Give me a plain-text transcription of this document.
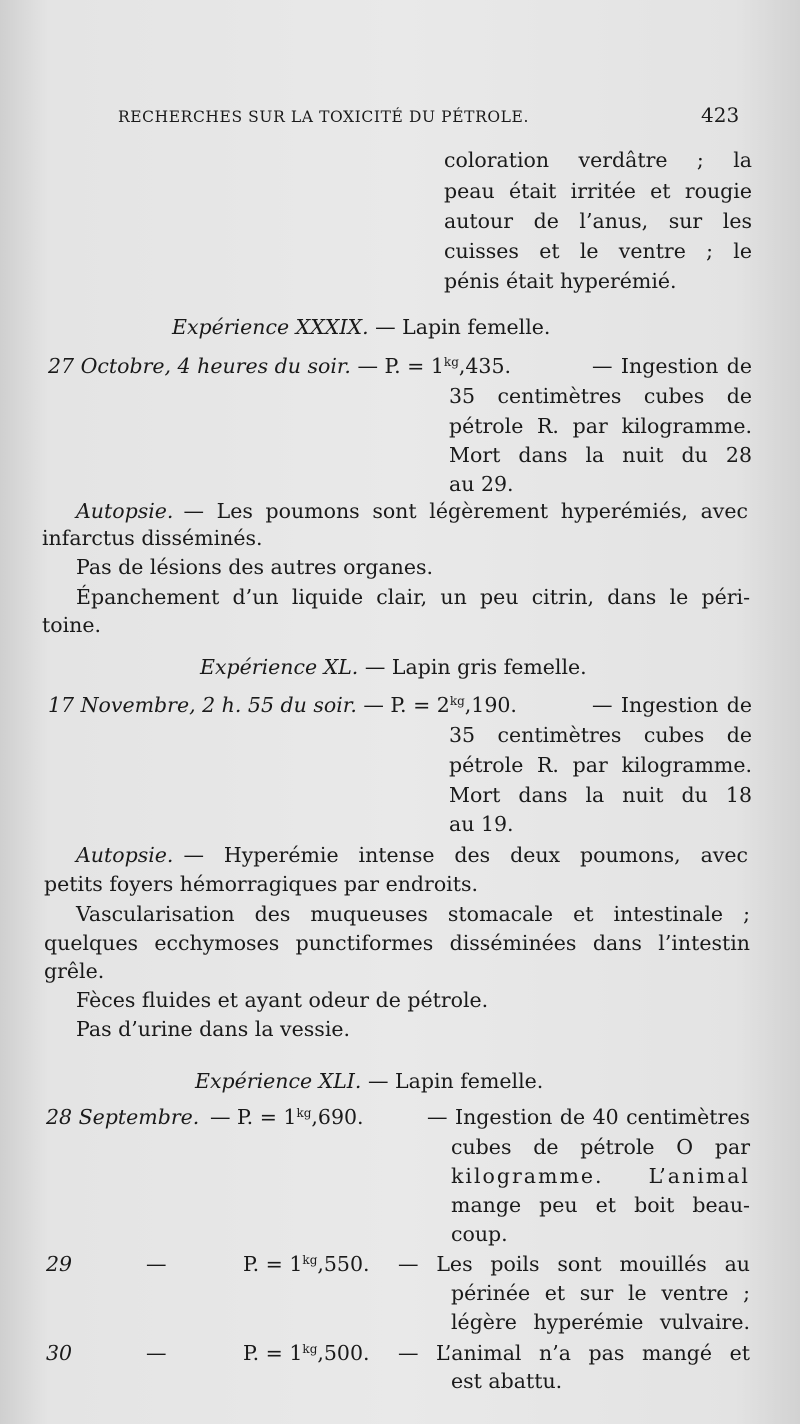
RECHERCHES SUR LA TOXICITÉ DU PÉTROLE.	423
coloration verdâtre ; la
peau était irritée et rougie
autour de l’anus, sur les
cuisses et le ventre ; le
pénis était hyperémié.
Expérience XXXIX. — Lapin femelle.
27 Octobre, 4 heures du soir. — P. = $1^{kg},435$.	— Ingestion de
35 centimètres cubes de
pétrole R. par kilogramme.
Mort dans la nuit du 28
au 29.
Autopsie. — Les poumons sont légèrement hyperémiés, avec
infarctus disséminés.
Pas de lésions des autres organes.
Épanchement d’un liquide clair, un peu citrin, dans le péri-
toine.
Expérience XL. — Lapin gris femelle.
17 Novembre, 2 h. 55 du soir. — P. = $2^{kg},190$.	— Ingestion de
35 centimètres cubes de
pétrole R. par kilogramme.
Mort dans la nuit du 18
au 19.
Autopsie. — Hyperémie intense des deux poumons, avec
petits foyers hémorragiques par endroits.
Vascularisation des muqueuses stomacale et intestinale ;
quelques ecchymoses punctiformes disséminées dans l’intestin
grêle.
Fèces fluides et ayant odeur de pétrole.
Pas d’urine dans la vessie.
Expérience XLI. — Lapin femelle.
28 Septembre. — P. = $1^{kg},690$.	— Ingestion de 40 centimètres
cubes de pétrole O par
kilogramme. L’animal
mange peu et boit beau-
coup.
29	—	P. = $1^{kg},550$. — Les poils sont mouillés au
périnée et sur le ventre ;
légère hyperémie vulvaire.
30	—	P. = $1^{kg},500$. — L’animal n’a pas mangé et
est abattu.
